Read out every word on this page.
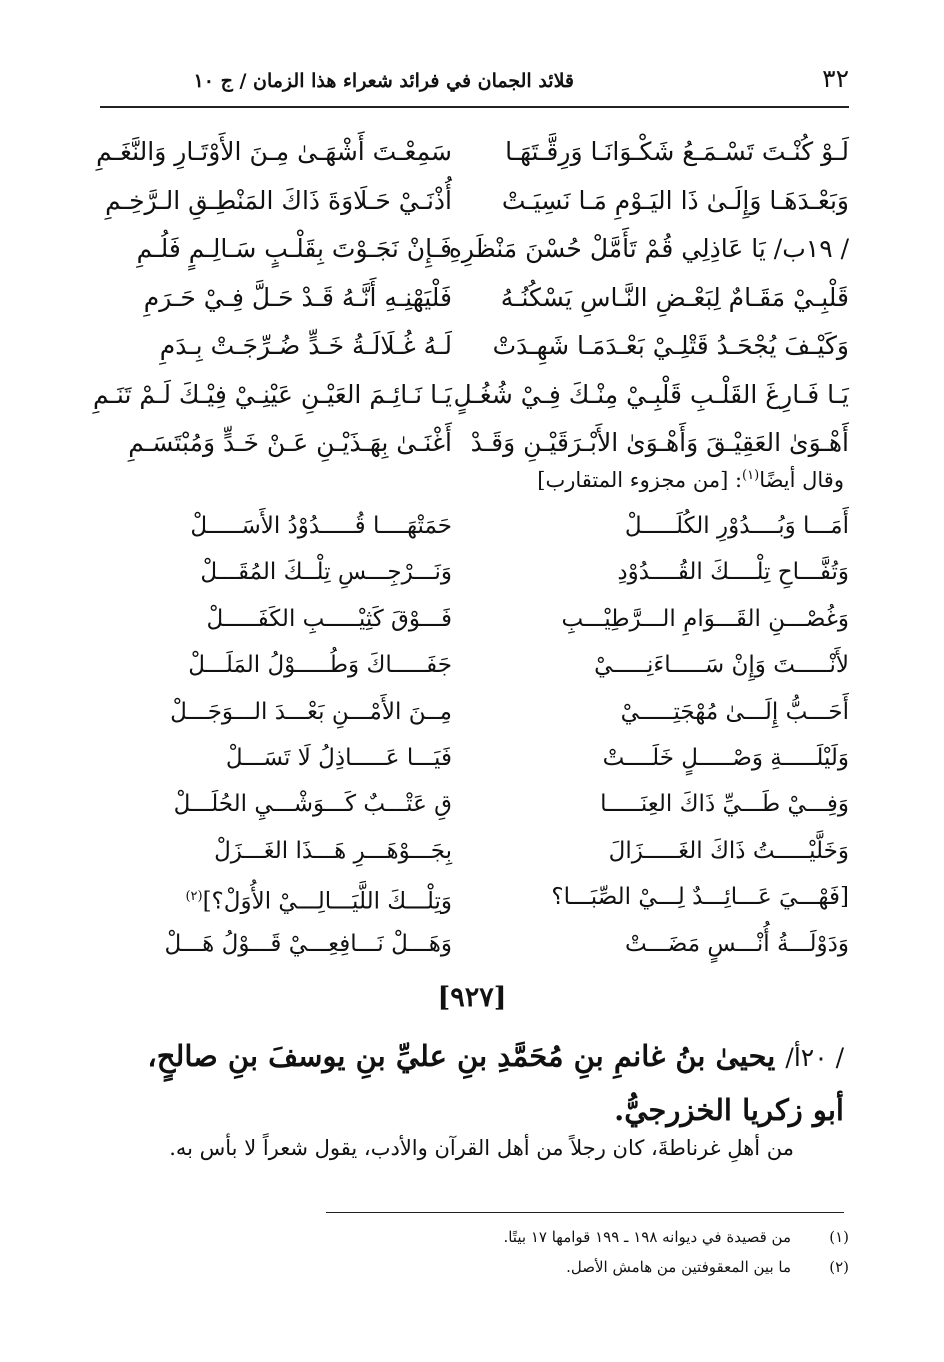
٣٢
قلائد الجمان في فرائد شعراء هذا الزمان / ج ١٠
لَـوْ كُنْـتَ تَسْـمَـعُ شَكْـوَانَـا وَرِقَّـتَهَـا
سَمِعْـتَ أَشْهَـىٰ مِـنَ الأَوْتَـارِ وَالنَّغَـمِ
وَبَعْـدَهَـا وَإِلَـىٰ ذَا اليَـوْمِ مَـا نَسِيَـتْ
أُذْنَـيْ حَـلَاوَةَ ذَاكَ المَنْطِـقِ الـرَّخِـمِ
/ ١٩ب/ يَا عَاذِلِي قُمْ تَأَمَّلْ حُسْنَ مَنْظَرِهِ
فَـإِنْ نَجَـوْتَ بِقَلْـبٍ سَـالِـمٍ فَلُـمِ
قَلْبِـيْ مَقَـامٌ لِبَعْـضِ النَّـاسِ يَسْكُنُـهُ
فَلْيَهْنِـهِ أَنَّـهُ قَـدْ حَـلَّ فِـيْ حَـرَمِ
وَكَيْـفَ يُجْحَـدُ قَتْلِـيْ بَعْـدَمَـا شَهِـدَتْ
لَـهُ غُـلَالَـةُ خَـدٍّ ضُـرِّجَـتْ بِـدَمِ
يَـا فَـارِغَ القَلْـبِ قَلْبِـيْ مِنْـكَ فِـيْ شُغُـلٍ
يَـا نَـائِـمَ العَيْـنِ عَيْنِـيْ فِيْـكَ لَـمْ تَنَـمِ
أَهْـوَىٰ العَقِيْـقَ وَأَهْـوَىٰ الأَبْـرَقَيْـنِ وَقَـدْ
أَغْنَـىٰ بِهَـذَيْـنِ عَـنْ خَـدٍّ وَمُبْتَسَـمِ
وقال أيضًا$^{(١)}$: [من مجزوء المتقارب]
أَمَـــا وَبُــــدُوْرِ الكُلَـــــلْ
حَمَتْهَــــا قُـــــدُوْدُ الأَسَـــــلْ
وَتُفَّـــاحِ تِلْــــكَ القُــــدُوْدِ
وَنَـــرْجِـــسِ تِلْــكَ المُقَـــلْ
وَغُصْـــنِ القَـــوَامِ الـــرَّطِيْـــبِ
فَـــوْقَ كَثِيْـــــبِ الكَفَـــــلْ
لأَنْـــــتَ وَإِنْ سَـــــاءَنِـــــيْ
جَفَـــــاكَ وَطُـــــوْلُ المَلَـــلْ
أَحَـــبُّ إِلَـــىٰ مُهْجَتِـــــيْ
مِــنَ الأَمْـــنِ بَعْـــدَ الـــوَجَـــلْ
وَلَيْلَـــــةِ وَصْـــــلٍ خَلَــــتْ
فَيَـــا عَـــــاذِلُ لَا تَسَـــلْ
وَفِـــيْ طَـــيِّ ذَاكَ العِنَـــــا
قِ عَتْـــبٌ كَـــوَشْـــيِ الحُلَـــلْ
وَخَلَّيْـــــتُ ذَاكَ الغَـــــزَالَ
بِجَـــوْهَـــرِ هَـــذَا الغَـــزَلْ
[فَهْـــيَ عَـــائِـــدٌ لِـــيْ الصِّبَـــا؟
وَتِلْـــكَ اللَّيَـــالِـــيْ الأُوَلْ؟]$^{(٢)}$
وَدَوْلَـــةُ أُنْـــسٍ مَضَـــتْ
وَهَـــلْ نَـــافِعِـــيْ قَـــوْلُ هَـــلْ
[٩٢٧]
/ ٢٠أ/ يحيىٰ بنُ غانمِ بنِ مُحَمَّدِ بنِ عليِّ بنِ يوسفَ بنِ صالحٍ،
أبو زكريا الخزرجيُّ.
من أهلِ غرناطةَ، كان رجلاً من أهل القرآن والأدب، يقول شعراً لا بأس به.
(١)
من قصيدة في ديوانه ١٩٨ ـ ١٩٩ قوامها ١٧ بيتًا.
(٢)
ما بين المعقوفتين من هامش الأصل.
